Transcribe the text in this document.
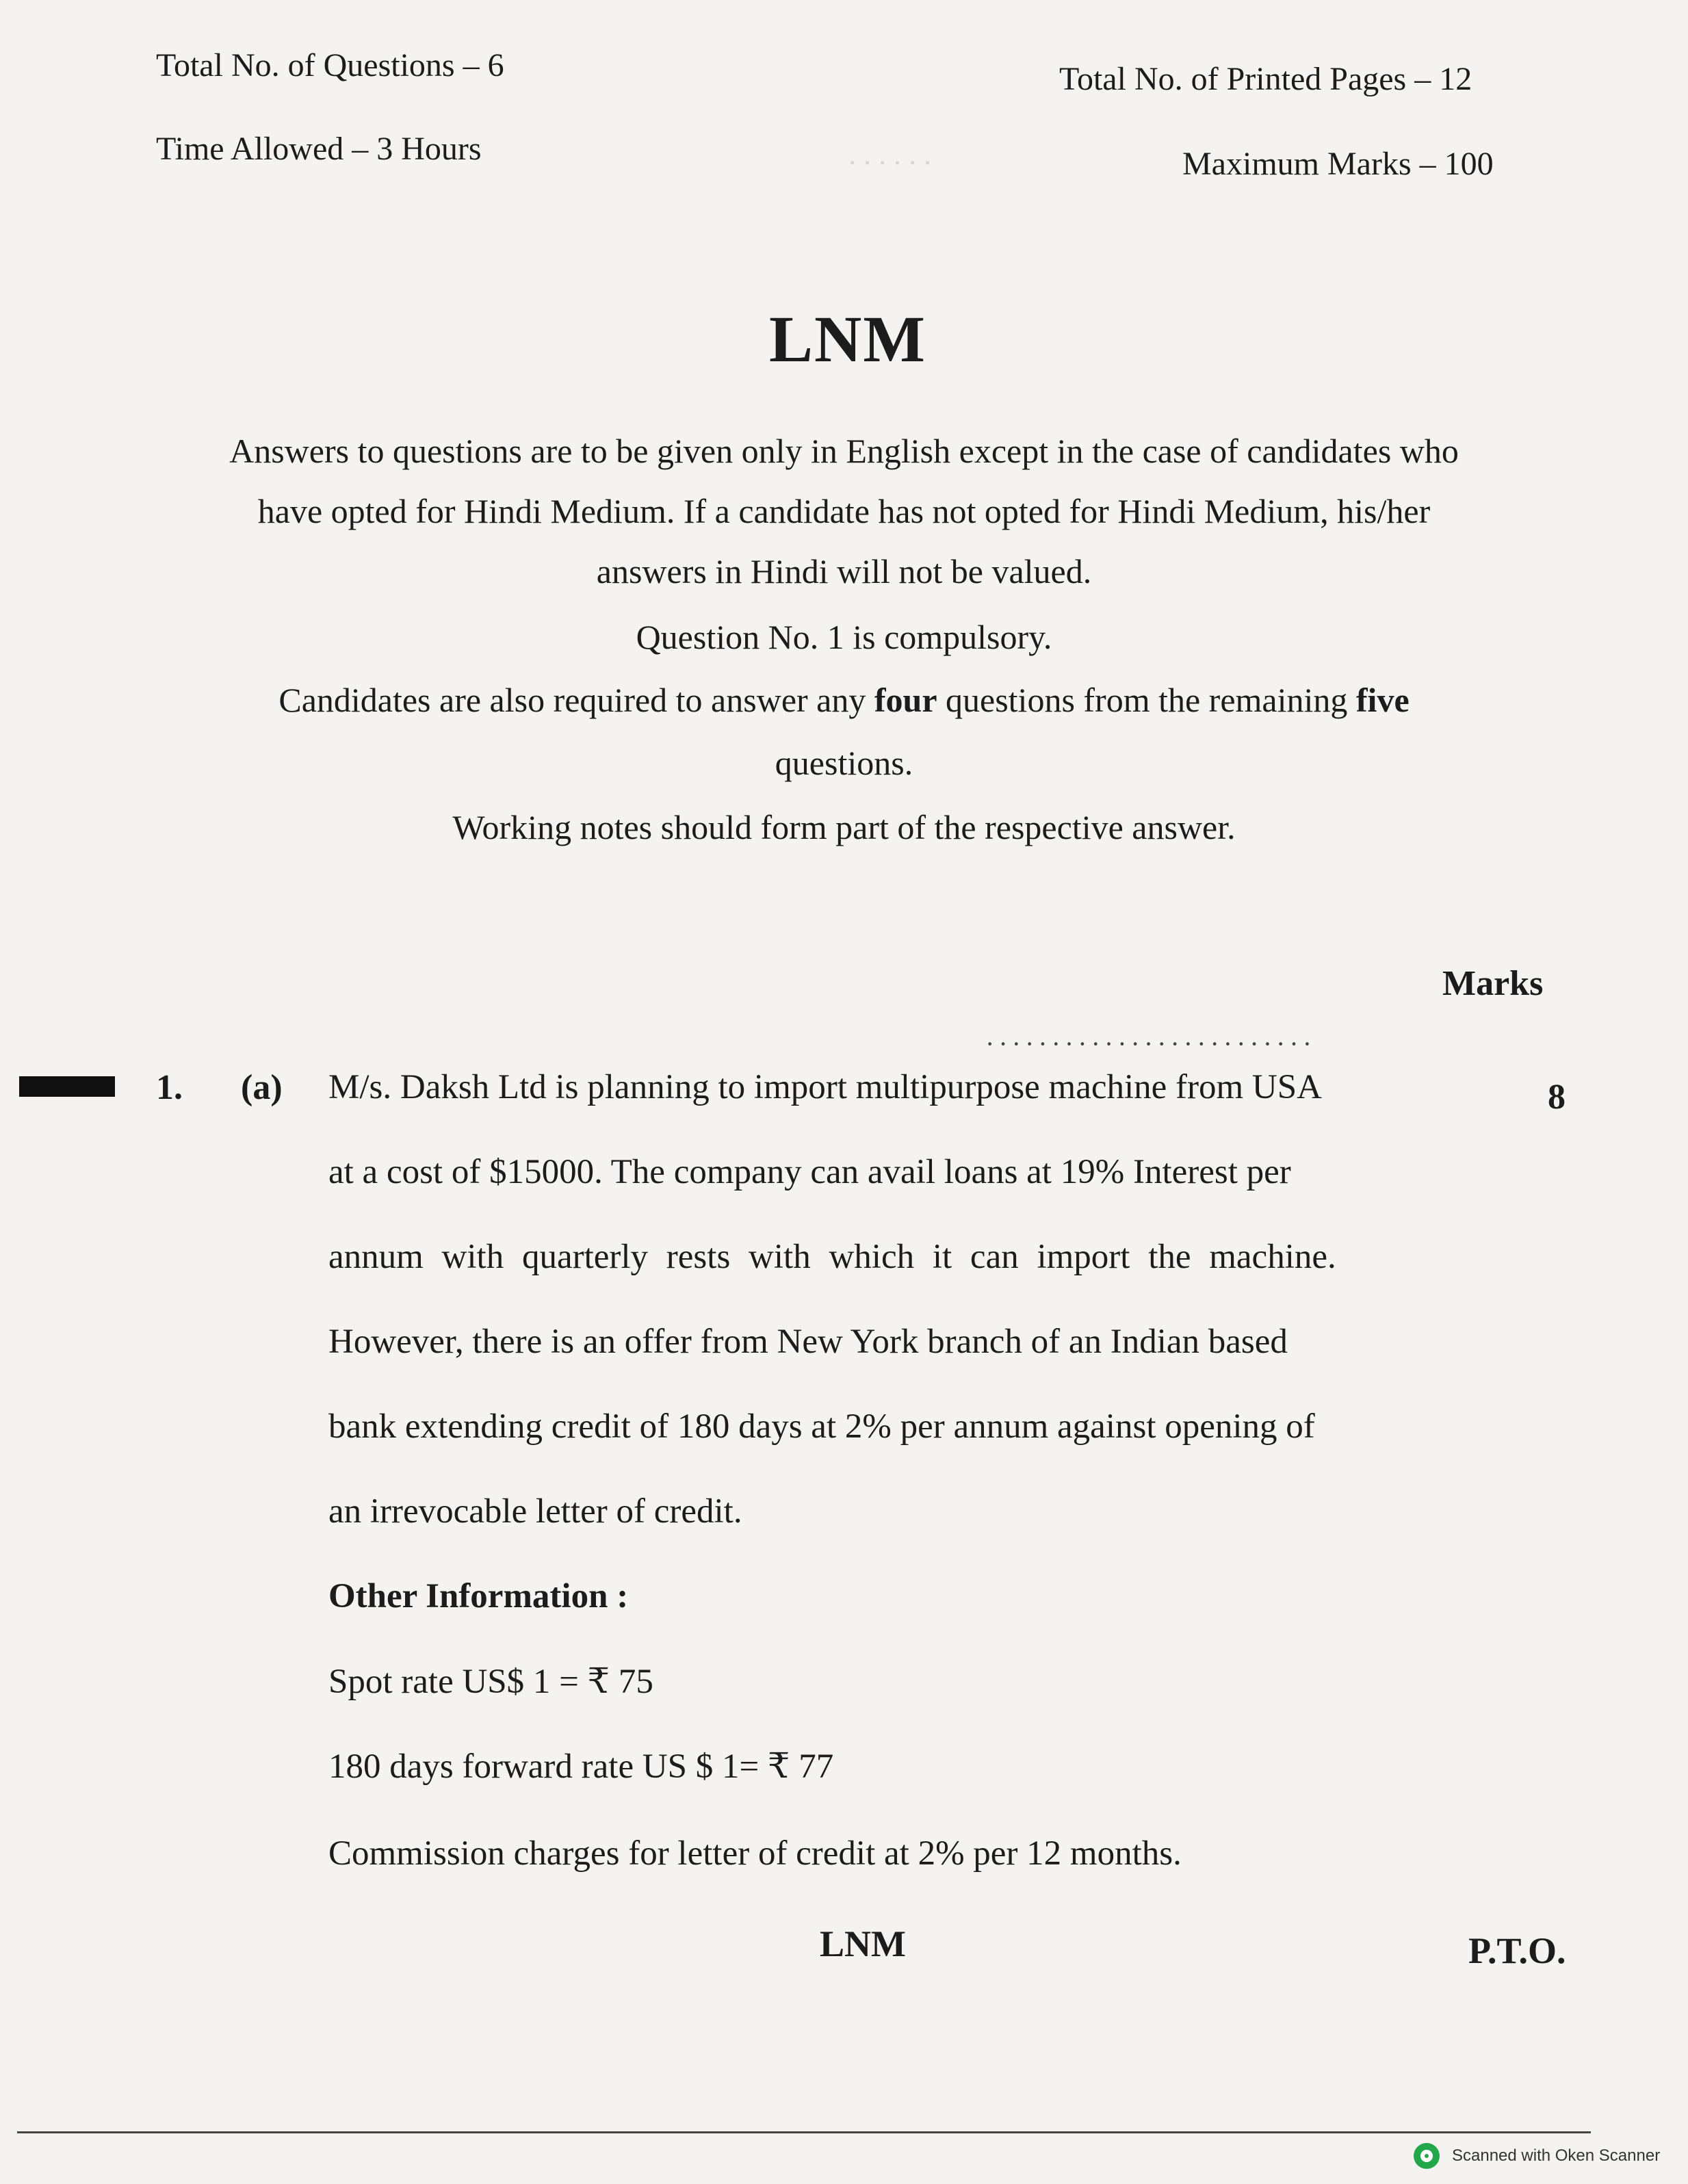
. . . . . .
Total No. of Questions – 6	Total No. of Printed Pages – 12
Time Allowed – 3 Hours	Maximum Marks – 100
LNM
Answers to questions are to be given only in English except in the case of candidates who
have opted for Hindi Medium. If a candidate has not opted for Hindi Medium, his/her
answers in Hindi will not be valued.
Question No. 1 is compulsory.
Candidates are also required to answer any four questions from the remaining five
questions.
Working notes should form part of the respective answer.
Marks
·························
1. (a)	8
M/s. Daksh Ltd is planning to import multipurpose machine from USA
at a cost of $15000. The company can avail loans at 19% Interest per
annum with quarterly rests with which it can import the machine.
However, there is an offer from New York branch of an Indian based
bank extending credit of 180 days at 2% per annum against opening of
an irrevocable letter of credit.
Other Information :
Spot rate US$ 1 = ₹ 75
180 days forward rate US $ 1= ₹ 77
Commission charges for letter of credit at 2% per 12 months.
LNM	P.T.O.
Scanned with Oken Scanner
